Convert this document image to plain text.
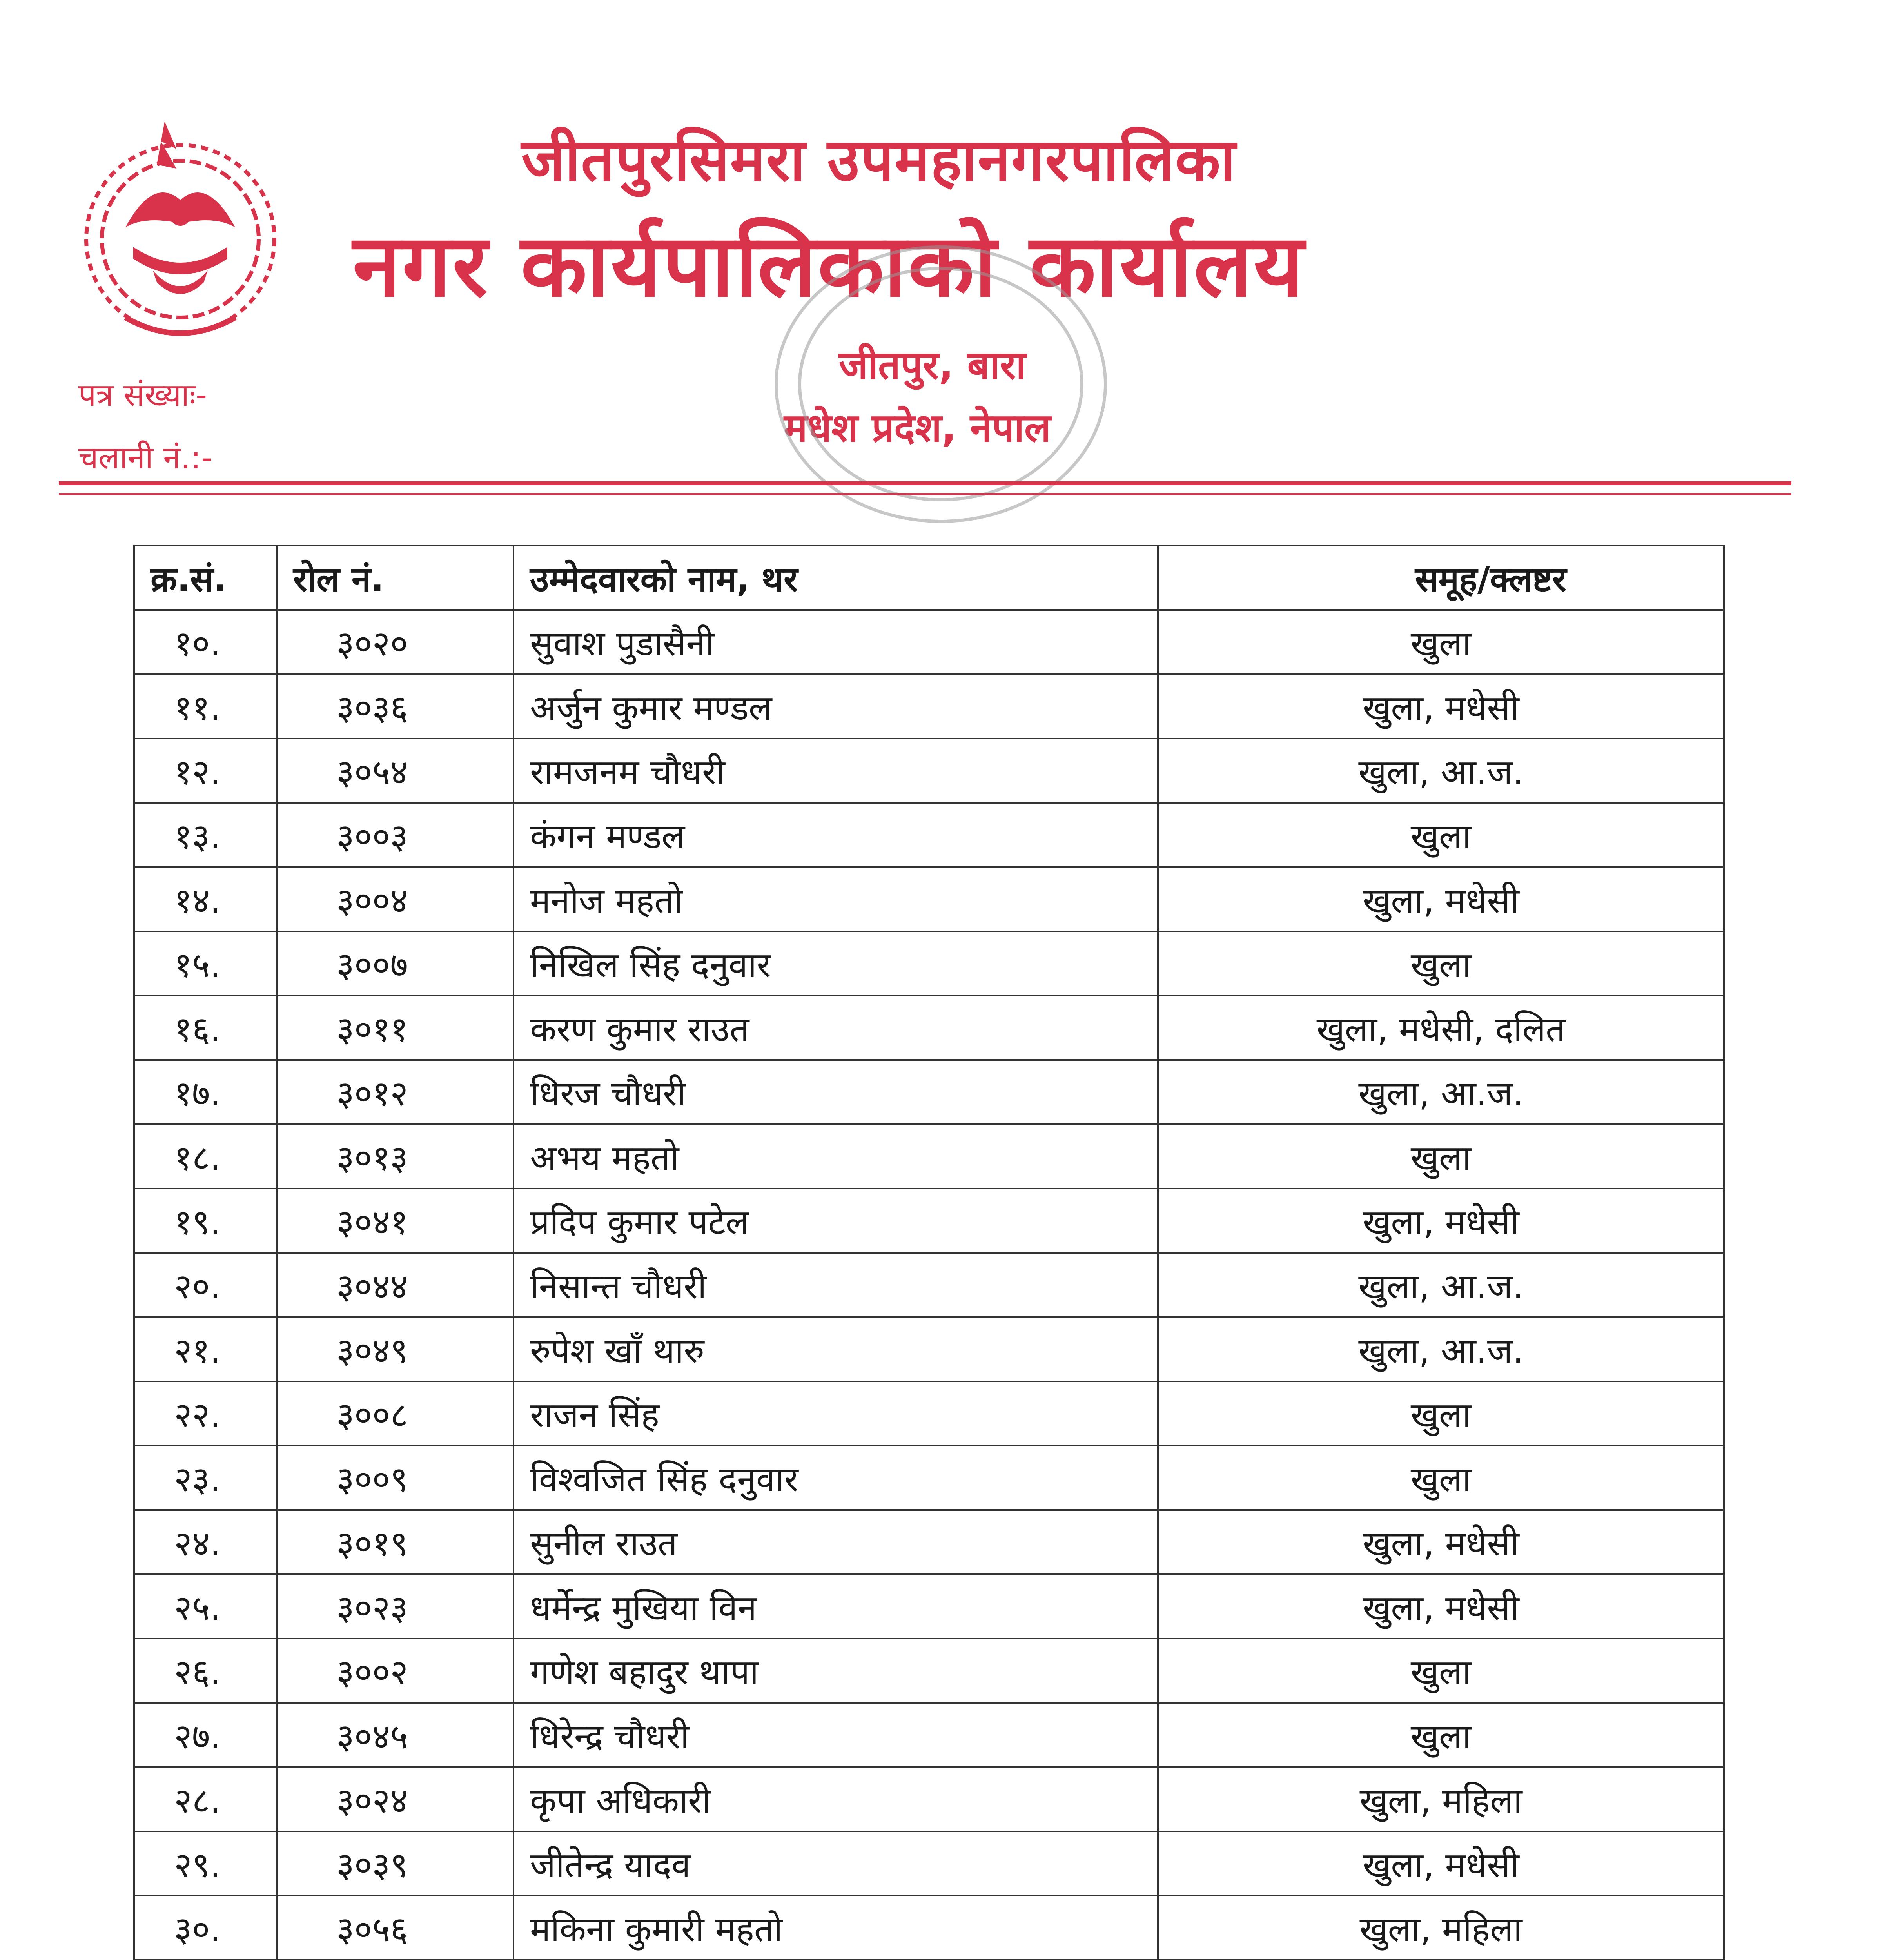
जीतपुरसिमरा उपमहानगरपालिका
नगर कार्यपालिकाको कार्यालय
जीतपुर, बारा
मधेश प्रदेश, नेपाल
पत्र संख्याः-
चलानी नं.:-
क्र.सं.	रोल नं.	उम्मेदवारको नाम, थर	समूह/क्लष्टर
१०.	३०२०	सुवाश पुडासैनी	खुला
११.	३०३६	अर्जुन कुमार मण्डल	खुला, मधेसी
१२.	३०५४	रामजनम चौधरी	खुला, आ.ज.
१३.	३००३	कंगन मण्डल	खुला
१४.	३००४	मनोज महतो	खुला, मधेसी
१५.	३००७	निखिल सिंह दनुवार	खुला
१६.	३०११	करण कुमार राउत	खुला, मधेसी, दलित
१७.	३०१२	धिरज चौधरी	खुला, आ.ज.
१८.	३०१३	अभय महतो	खुला
१९.	३०४१	प्रदिप कुमार पटेल	खुला, मधेसी
२०.	३०४४	निसान्त चौधरी	खुला, आ.ज.
२१.	३०४९	रुपेश खाँ थारु	खुला, आ.ज.
२२.	३००८	राजन सिंह	खुला
२३.	३००९	विश्वजित सिंह दनुवार	खुला
२४.	३०१९	सुनील राउत	खुला, मधेसी
२५.	३०२३	धर्मेन्द्र मुखिया विन	खुला, मधेसी
२६.	३००२	गणेश बहादुर थापा	खुला
२७.	३०४५	धिरेन्द्र चौधरी	खुला
२८.	३०२४	कृपा अधिकारी	खुला, महिला
२९.	३०३९	जीतेन्द्र यादव	खुला, मधेसी
३०.	३०५६	मकिना कुमारी महतो	खुला, महिला
